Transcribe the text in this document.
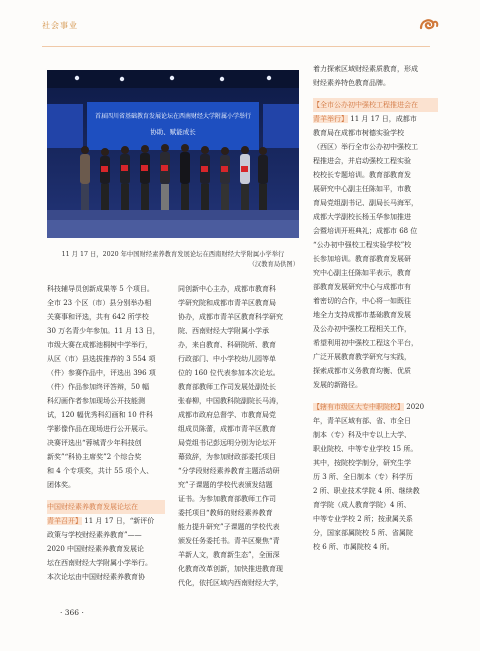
社会事业
首届四川省基础教育发展论坛在西南财经大学附属小学举行
协助、赋能成长
11 月 17 日，2020 年中国财经素养教育发展论坛在西南财经大学附属小学举行
（汉教育局供图）

科技辅导员创新成果等 5 个项目。
全市 23 个区（市）县分别举办相
关赛事和评选，共有 642 所学校
30 万名青少年参加。11 月 13 日，
市级大赛在成都池桐树中学举行，
从区（市）县选拔推荐的 3 554 项
（件）参赛作品中，评选出 396 项
（件）作品参加终评答辩，50 幅
科幻画作者参加现场公开技能测
试，120 幅优秀科幻画和 10 件科
学影像作品在现场进行公开展示。
决赛评选出“蓉城青少年科技创
新奖”“科协主席奖”2 个综合奖
和 4 个专项奖，共计 55 项个人、
团体奖。

中国财经素养教育发展论坛在
青羊召开】 11 月 17 日，“新评价
政策与学校财经素养教育”——
2020 中国财经素养教育发展论
坛在西南财经大学附属小学举行。
本次论坛由中国财经素养教育协

同创新中心主办，成都市教育科
学研究院和成都市青羊区教育局
协办，成都市青羊区教育科学研究
院、西南财经大学附属小学承
办，来自教育、科研院所、教育
行政部门、中小学校幼儿园等单
位的 160 位代表参加本次论坛。
教育部教师工作司发展处副处长
张春柳，中国教科院副院长马涛，
成都市政府总督学、市教育局党
组成员陈蕾，成都市青羊区教育
局党组书记彭远明分别为论坛开
幕致辞，为参加财政部委托项目
“分学段财经素养教育主题活动研
究”子课题的学校代表颁发结题
证书。为参加教育部教师工作司
委托项目“教师的财经素养教育
能力提升研究”子课题的学校代表
颁发任务委托书。青羊区聚焦“青
羊新人文，教育新生态”，全面深
化教育改革创新，加快推进教育现
代化，依托区域内西南财经大学，

着力探索区域财经素质教育，形成
财经素养特色教育品牌。

【全市公办初中强校工程推进会在
青羊举行】 11 月 17 日，成都市
教育局在成都市树德实验学校
（西区）举行全市公办初中强校工
程推进会，并启动强校工程实验
校校长专题培训。教育部教育发
展研究中心副主任陈如平，市教
育局党组副书记、副局长马海军，
成都大学副校长杨玉华参加推进
会暨培训开班典礼；成都市 68 位
“公办初中强校工程实验学校”校
长参加培训。教育部教育发展研
究中心副主任陈如平表示，教育
部教育发展研究中心与成都市有
着密切的合作，中心将一如既往
地全力支持成都市基础教育发展
及公办初中强校工程相关工作，
希望利用初中强校工程这个平台，
广泛开展教育教学研究与实践，
探索成都市义务教育均衡、优质
发展的新路径。

【辖有市级区大专中职院校】 2020
年，青羊区域有部、省、市全日
制本（专）科及中专以上大学、
职业院校、中等专业学校 15 所。
其中，按院校学制分，研究生学
历 3 所、全日制本（专）科学历
2 所、职业技术学院 4 所、继续教
育学院（成人教育学院）4 所、
中等专业学校 2 所；按隶属关系
分，国家部属院校 5 所、省属院
校 6 所、市属院校 4 所。

· 366 ·
